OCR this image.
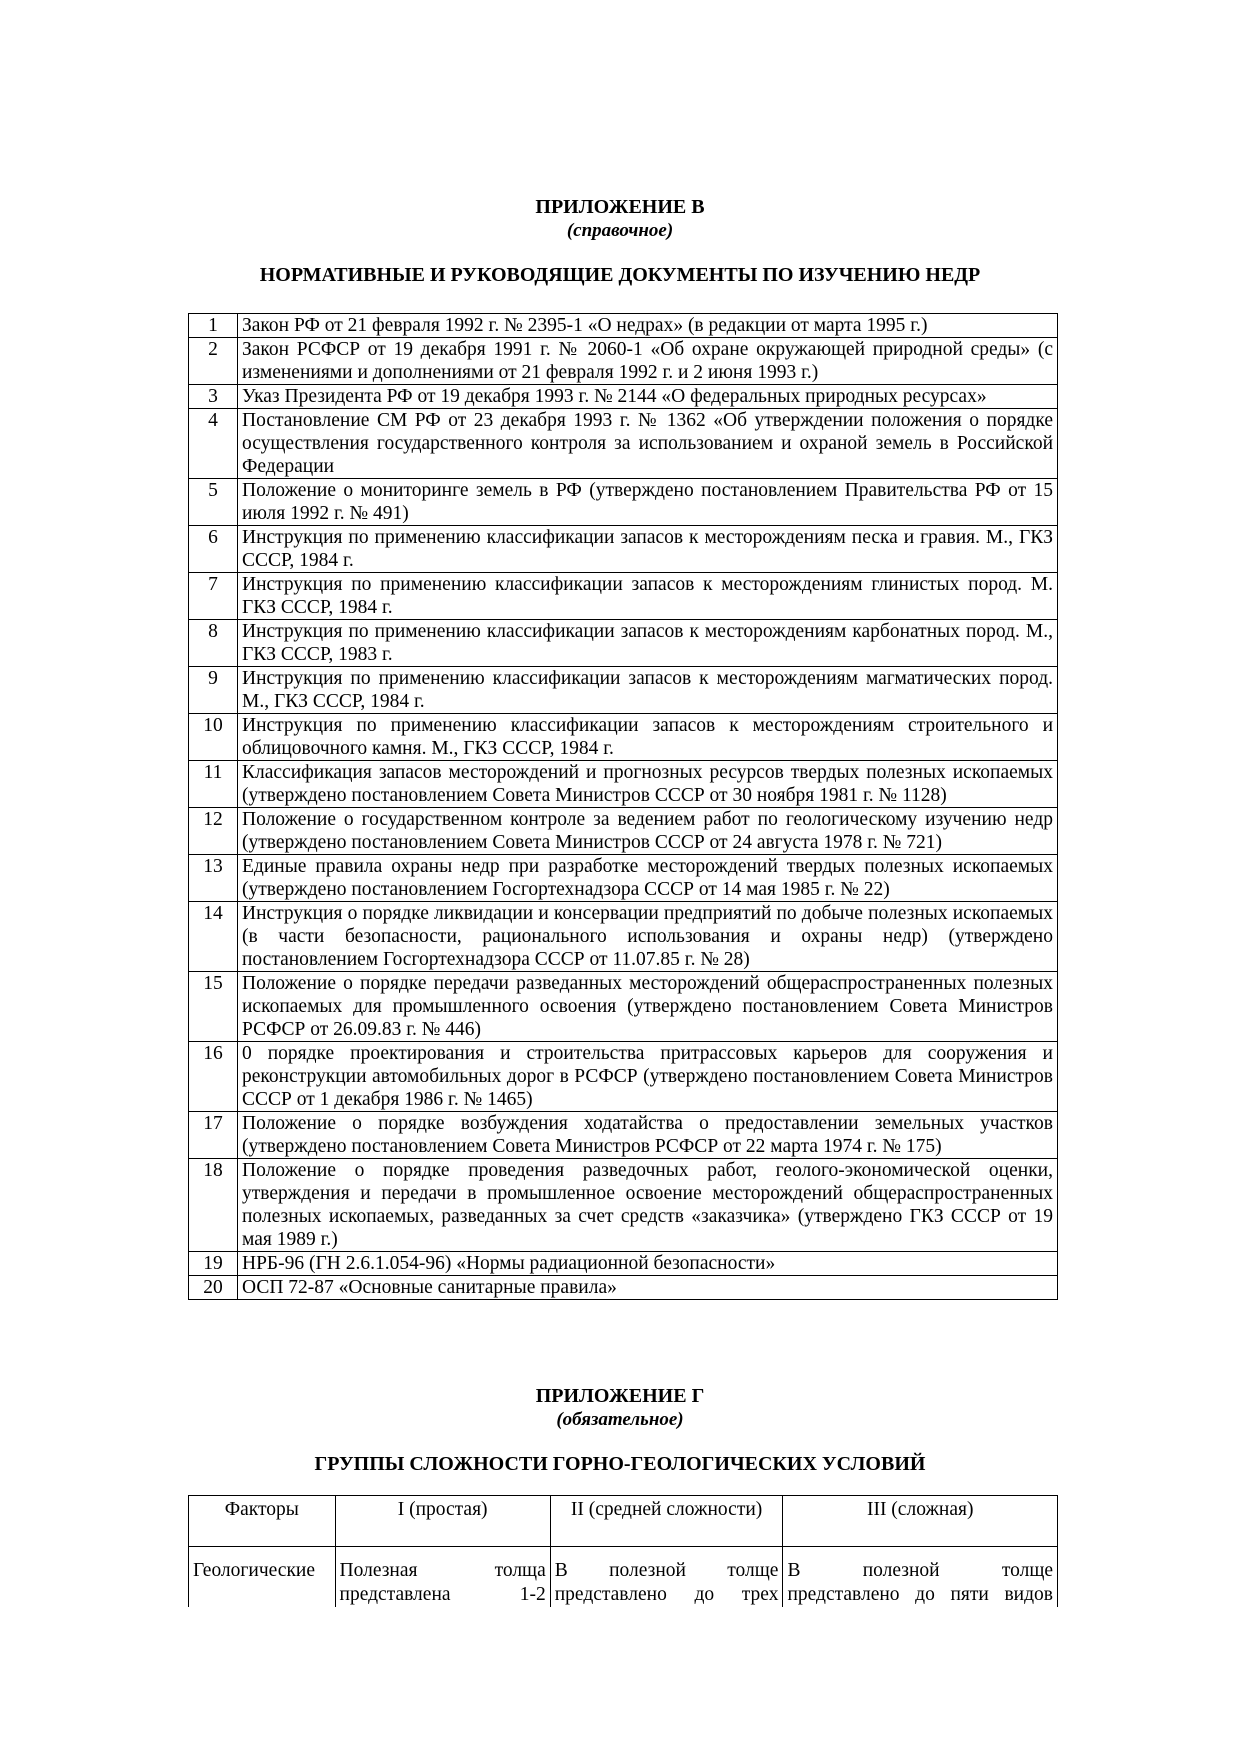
ПРИЛОЖЕНИЕ В
(справочное)
НОРМАТИВНЫЕ И РУКОВОДЯЩИЕ ДОКУМЕНТЫ ПО ИЗУЧЕНИЮ НЕДР
1	Закон РФ от 21 февраля 1992 г. № 2395-1 «О недрах» (в редакции от марта 1995 г.)
2	Закон РСФСР от 19 декабря 1991 г. № 2060-1 «Об охране окружающей природной среды» (с изменениями и дополнениями от 21 февраля 1992 г. и 2 июня 1993 г.)
3	Указ Президента РФ от 19 декабря 1993 г. № 2144 «О федеральных природных ресурсах»
4	Постановление СМ РФ от 23 декабря 1993 г. № 1362 «Об утверждении положения о порядке осуществления государственного контроля за использованием и охраной земель в Российской Федерации
5	Положение о мониторинге земель в РФ (утверждено постановлением Правительства РФ от 15 июля 1992 г. № 491)
6	Инструкция по применению классификации запасов к месторождениям песка и гравия. М., ГКЗ СССР, 1984 г.
7	Инструкция по применению классификации запасов к месторождениям глинистых пород. М. ГКЗ СССР, 1984 г.
8	Инструкция по применению классификации запасов к месторождениям карбонатных пород. М., ГКЗ СССР, 1983 г.
9	Инструкция по применению классификации запасов к месторождениям магматических пород. М., ГКЗ СССР, 1984 г.
10	Инструкция по применению классификации запасов к месторождениям строительного и облицовочного камня. М., ГКЗ СССР, 1984 г.
11	Классификация запасов месторождений и прогнозных ресурсов твердых полезных ископаемых (утверждено постановлением Совета Министров СССР от 30 ноября 1981 г. № 1128)
12	Положение о государственном контроле за ведением работ по геологическому изучению недр (утверждено постановлением Совета Министров СССР от 24 августа 1978 г. № 721)
13	Единые правила охраны недр при разработке месторождений твердых полезных ископаемых (утверждено постановлением Госгортехнадзора СССР от 14 мая 1985 г. № 22)
14	Инструкция о порядке ликвидации и консервации предприятий по добыче полезных ископаемых (в части безопасности, рационального использования и охраны недр) (утверждено постановлением Госгортехнадзора СССР от 11.07.85 г. № 28)
15	Положение о порядке передачи разведанных месторождений общераспространенных полезных ископаемых для промышленного освоения (утверждено постановлением Совета Министров РСФСР от 26.09.83 г. № 446)
16	0 порядке проектирования и строительства притрассовых карьеров для сооружения и реконструкции автомобильных дорог в РСФСР (утверждено постановлением Совета Министров СССР от 1 декабря 1986 г. № 1465)
17	Положение о порядке возбуждения ходатайства о предоставлении земельных участков (утверждено постановлением Совета Министров РСФСР от 22 марта 1974 г. № 175)
18	Положение о порядке проведения разведочных работ, геолого-экономической оценки, утверждения и передачи в промышленное освоение месторождений общераспространенных полезных ископаемых, разведанных за счет средств «заказчика» (утверждено ГКЗ СССР от 19 мая 1989 г.)
19	НРБ-96 (ГН 2.6.1.054-96) «Нормы радиационной безопасности»
20	ОСП 72-87 «Основные санитарные правила»
ПРИЛОЖЕНИЕ Г
(обязательное)
ГРУППЫ СЛОЖНОСТИ ГОРНО-ГЕОЛОГИЧЕСКИХ УСЛОВИЙ
Факторы	I (простая)	II (средней сложности)	III (сложная)
Геологические	Полезная толща представлена 1-2	В полезной толще представлено до трех	В полезной толще представлено до пяти видов
